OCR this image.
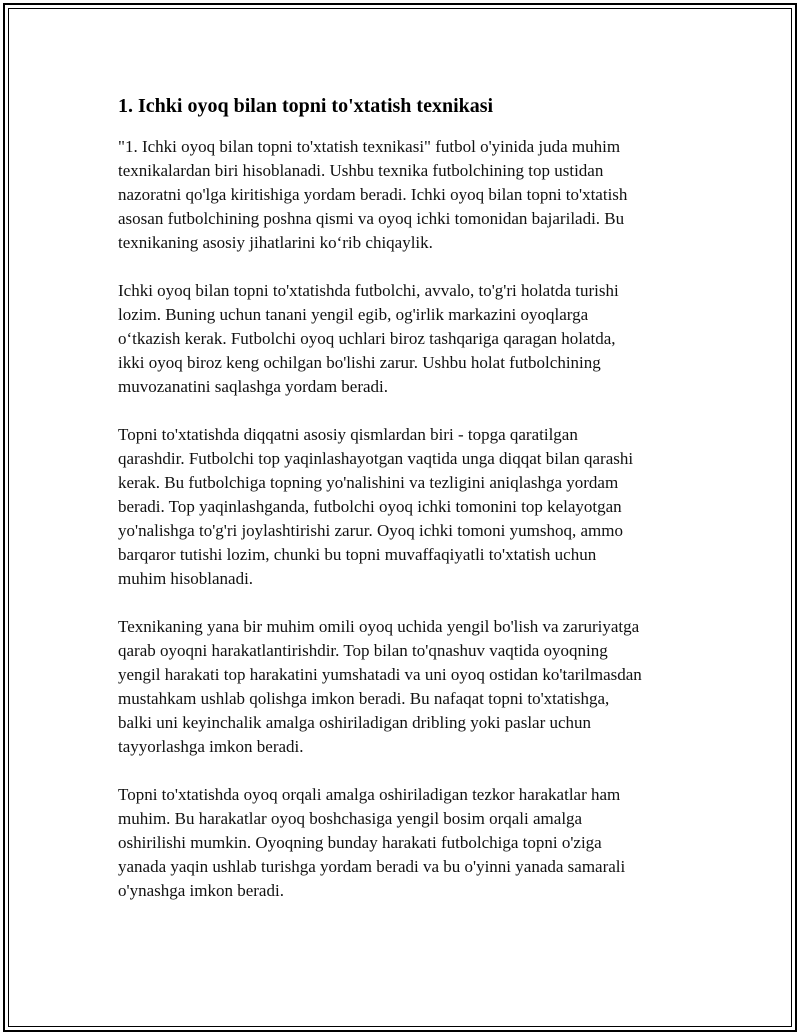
1. Ichki oyoq bilan topni to'xtatish texnikasi

"1. Ichki oyoq bilan topni to'xtatish texnikasi" futbol o'yinida juda muhim
texnikalardan biri hisoblanadi. Ushbu texnika futbolchining top ustidan
nazoratni qo'lga kiritishiga yordam beradi. Ichki oyoq bilan topni to'xtatish
asosan futbolchining poshna qismi va oyoq ichki tomonidan bajariladi. Bu
texnikaning asosiy jihatlarini ko‘rib chiqaylik.

Ichki oyoq bilan topni to'xtatishda futbolchi, avvalo, to'g'ri holatda turishi
lozim. Buning uchun tanani yengil egib, og'irlik markazini oyoqlarga
o‘tkazish kerak. Futbolchi oyoq uchlari biroz tashqariga qaragan holatda,
ikki oyoq biroz keng ochilgan bo'lishi zarur. Ushbu holat futbolchining
muvozanatini saqlashga yordam beradi.

Topni to'xtatishda diqqatni asosiy qismlardan biri - topga qaratilgan
qarashdir. Futbolchi top yaqinlashayotgan vaqtida unga diqqat bilan qarashi
kerak. Bu futbolchiga topning yo'nalishini va tezligini aniqlashga yordam
beradi. Top yaqinlashganda, futbolchi oyoq ichki tomonini top kelayotgan
yo'nalishga to'g'ri joylashtirishi zarur. Oyoq ichki tomoni yumshoq, ammo
barqaror tutishi lozim, chunki bu topni muvaffaqiyatli to'xtatish uchun
muhim hisoblanadi.

Texnikaning yana bir muhim omili oyoq uchida yengil bo'lish va zaruriyatga
qarab oyoqni harakatlantirishdir. Top bilan to'qnashuv vaqtida oyoqning
yengil harakati top harakatini yumshatadi va uni oyoq ostidan ko'tarilmasdan
mustahkam ushlab qolishga imkon beradi. Bu nafaqat topni to'xtatishga,
balki uni keyinchalik amalga oshiriladigan dribling yoki paslar uchun
tayyorlashga imkon beradi.

Topni to'xtatishda oyoq orqali amalga oshiriladigan tezkor harakatlar ham
muhim. Bu harakatlar oyoq boshchasiga yengil bosim orqali amalga
oshirilishi mumkin. Oyoqning bunday harakati futbolchiga topni o'ziga
yanada yaqin ushlab turishga yordam beradi va bu o'yinni yanada samarali
o'ynashga imkon beradi.
